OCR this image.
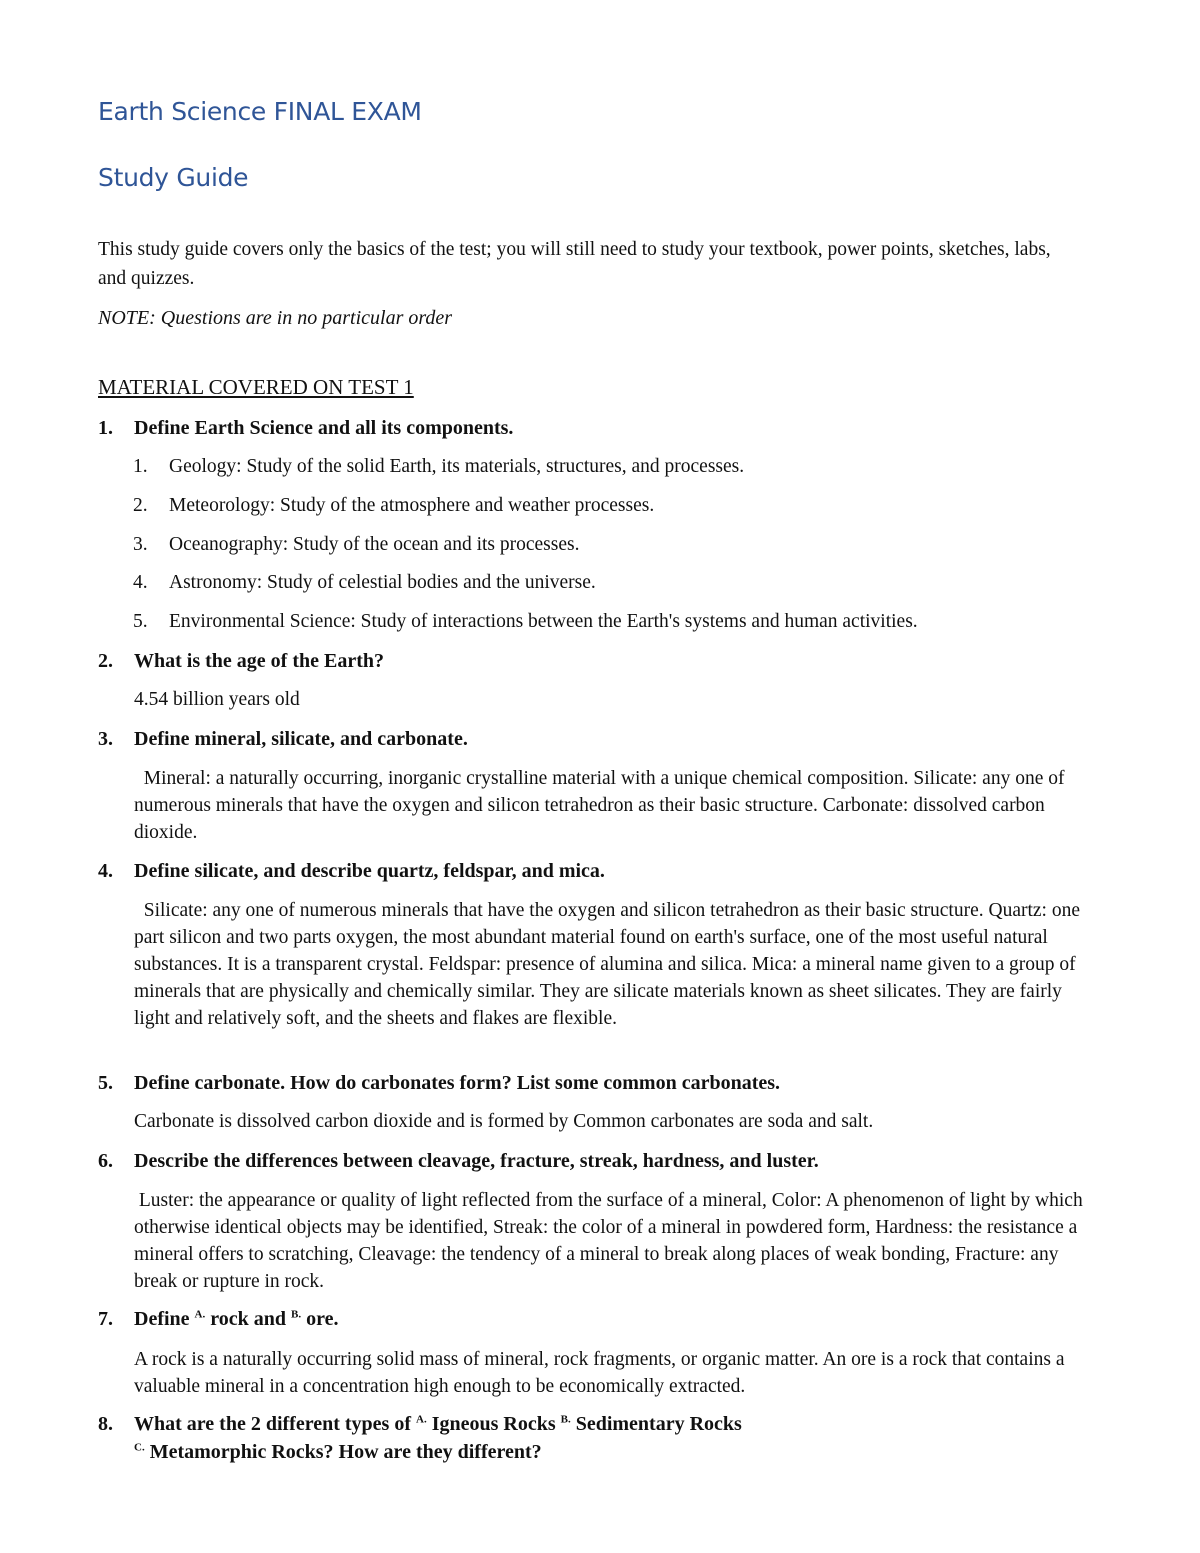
Earth Science FINAL EXAM
Study Guide

This study guide covers only the basics of the test; you will still need to study your textbook, power points, sketches, labs, and quizzes.

NOTE: Questions are in no particular order

MATERIAL COVERED ON TEST 1

1. Define Earth Science and all its components.
1. Geology: Study of the solid Earth, its materials, structures, and processes.
2. Meteorology: Study of the atmosphere and weather processes.
3. Oceanography: Study of the ocean and its processes.
4. Astronomy: Study of celestial bodies and the universe.
5. Environmental Science: Study of interactions between the Earth's systems and human activities.
2. What is the age of the Earth?
4.54 billion years old
3. Define mineral, silicate, and carbonate.

Mineral: a naturally occurring, inorganic crystalline material with a unique chemical composition. Silicate: any one of numerous minerals that have the oxygen and silicon tetrahedron as their basic structure. Carbonate: dissolved carbon dioxide.

4. Define silicate, and describe quartz, feldspar, and mica.

Silicate: any one of numerous minerals that have the oxygen and silicon tetrahedron as their basic structure. Quartz: one part silicon and two parts oxygen, the most abundant material found on earth's surface, one of the most useful natural substances. It is a transparent crystal. Feldspar: presence of alumina and silica. Mica: a mineral name given to a group of minerals that are physically and chemically similar. They are silicate materials known as sheet silicates. They are fairly light and relatively soft, and the sheets and flakes are flexible.

5. Define carbonate. How do carbonates form? List some common carbonates.
Carbonate is dissolved carbon dioxide and is formed by Common carbonates are soda and salt.
6. Describe the differences between cleavage, fracture, streak, hardness, and luster.

Luster: the appearance or quality of light reflected from the surface of a mineral, Color: A phenomenon of light by which otherwise identical objects may be identified, Streak: the color of a mineral in powdered form, Hardness: the resistance a mineral offers to scratching, Cleavage: the tendency of a mineral to break along places of weak bonding, Fracture: any break or rupture in rock.

7. Define $^{A.}$ rock and $^{B.}$ ore.

A rock is a naturally occurring solid mass of mineral, rock fragments, or organic matter. An ore is a rock that contains a valuable mineral in a concentration high enough to be economically extracted.

8. What are the 2 different types of $^{A.}$ Igneous Rocks $^{B.}$ Sedimentary Rocks
$^{C.}$ Metamorphic Rocks? How are they different?
